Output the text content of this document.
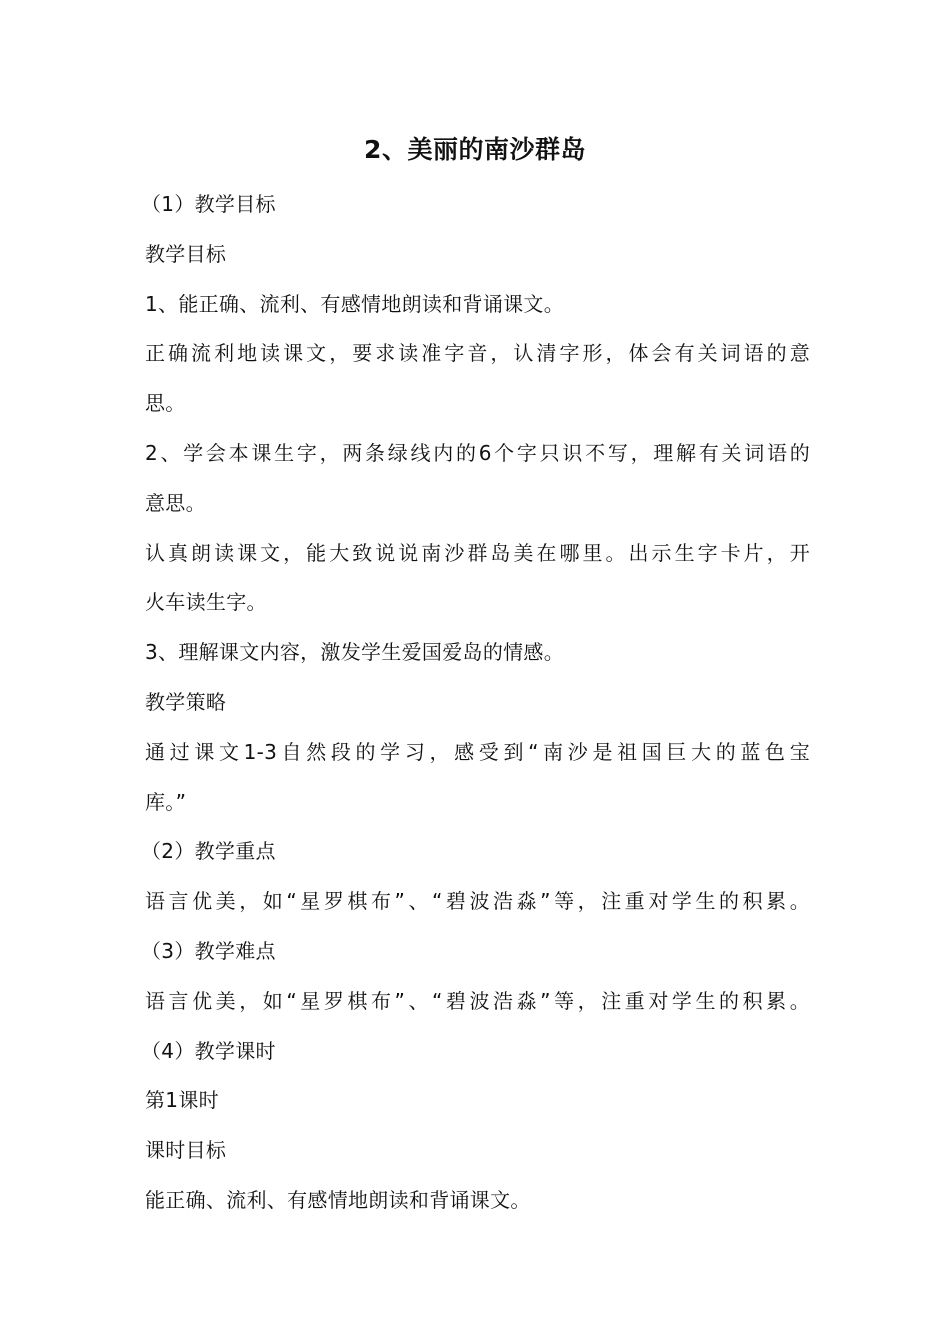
2、美丽的南沙群岛
（1）教学目标
教学目标
1、能正确、流利、有感情地朗读和背诵课文。
正确流利地读课文，要求读准字音，认清字形，体会有关词语的意
思。
2、学会本课生字，两条绿线内的6个字只识不写，理解有关词语的
意思。
认真朗读课文，能大致说说南沙群岛美在哪里。出示生字卡片，开
火车读生字。
3、理解课文内容，激发学生爱国爱岛的情感。
教学策略
通过课文1-3自然段的学习，感受到“南沙是祖国巨大的蓝色宝
库。”
（2）教学重点
语言优美，如“星罗棋布”、“碧波浩淼”等，注重对学生的积累。
（3）教学难点
语言优美，如“星罗棋布”、“碧波浩淼”等，注重对学生的积累。
（4）教学课时
第1课时
课时目标
能正确、流利、有感情地朗读和背诵课文。
